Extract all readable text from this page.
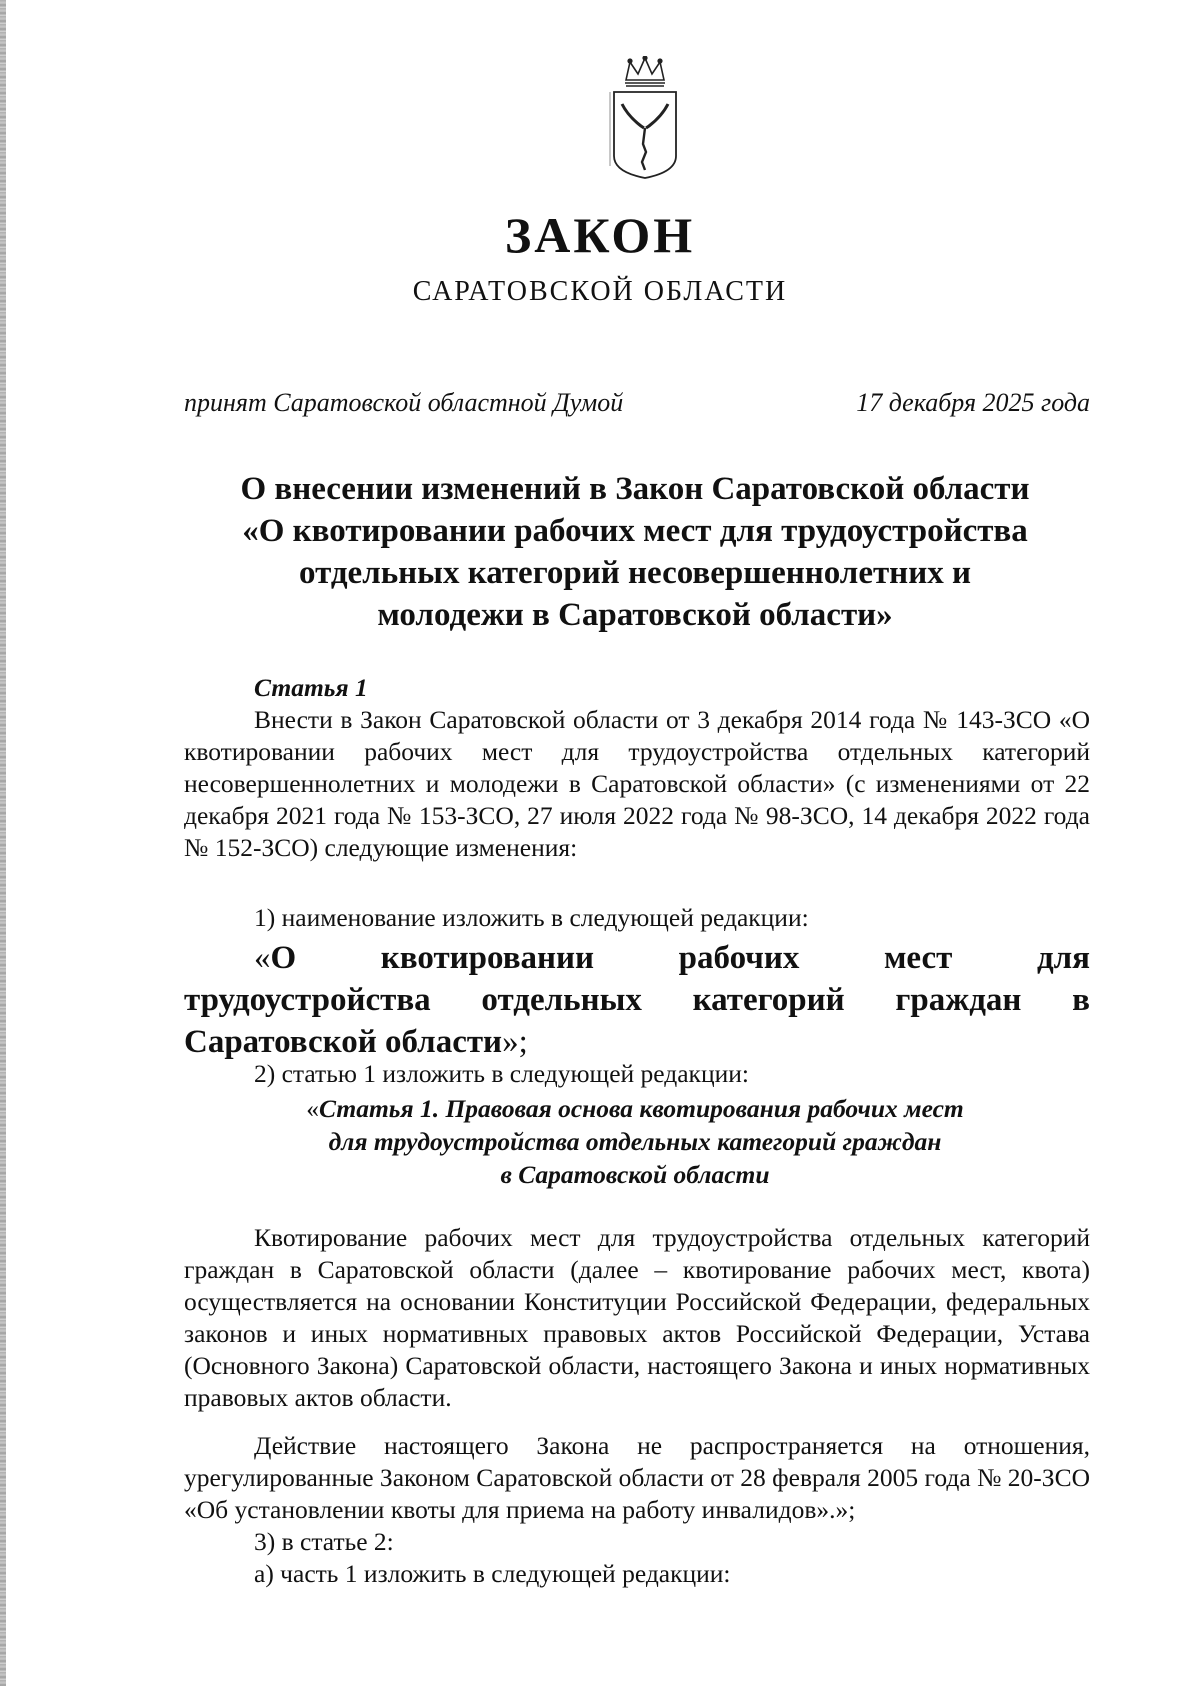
ЗАКОН
САРАТОВСКОЙ ОБЛАСТИ
принят Саратовской областной Думой	17 декабря 2025 года
О внесении изменений в Закон Саратовской области
«О квотировании рабочих мест для трудоустройства
отдельных категорий несовершеннолетних и
молодежи в Саратовской области»
Статья 1
Внести в Закон Саратовской области от 3 декабря 2014 года № 143-ЗСО «О квотировании рабочих мест для трудоустройства отдельных категорий несовершеннолетних и молодежи в Саратовской области» (с изменениями от 22 декабря 2021 года № 153-ЗСО, 27 июля 2022 года № 98-ЗСО, 14 декабря 2022 года № 152-ЗСО) следующие изменения:
1) наименование изложить в следующей редакции:
«О	квотировании	рабочих	мест	для
трудоустройства отдельных категорий граждан в Саратовской области»;
2) статью 1 изложить в следующей редакции:
«Статья 1. Правовая основа квотирования рабочих мест
для трудоустройства отдельных категорий граждан
в Саратовской области
Квотирование рабочих мест для трудоустройства отдельных категорий граждан в Саратовской области (далее – квотирование рабочих мест, квота) осуществляется на основании Конституции Российской Федерации, федеральных законов и иных нормативных правовых актов Российской Федерации, Устава (Основного Закона) Саратовской области, настоящего Закона и иных нормативных правовых актов области.
Действие настоящего Закона не распространяется на отношения, урегулированные Законом Саратовской области от 28 февраля 2005 года № 20-ЗСО «Об установлении квоты для приема на работу инвалидов».»;
3) в статье 2:
а) часть 1 изложить в следующей редакции:
